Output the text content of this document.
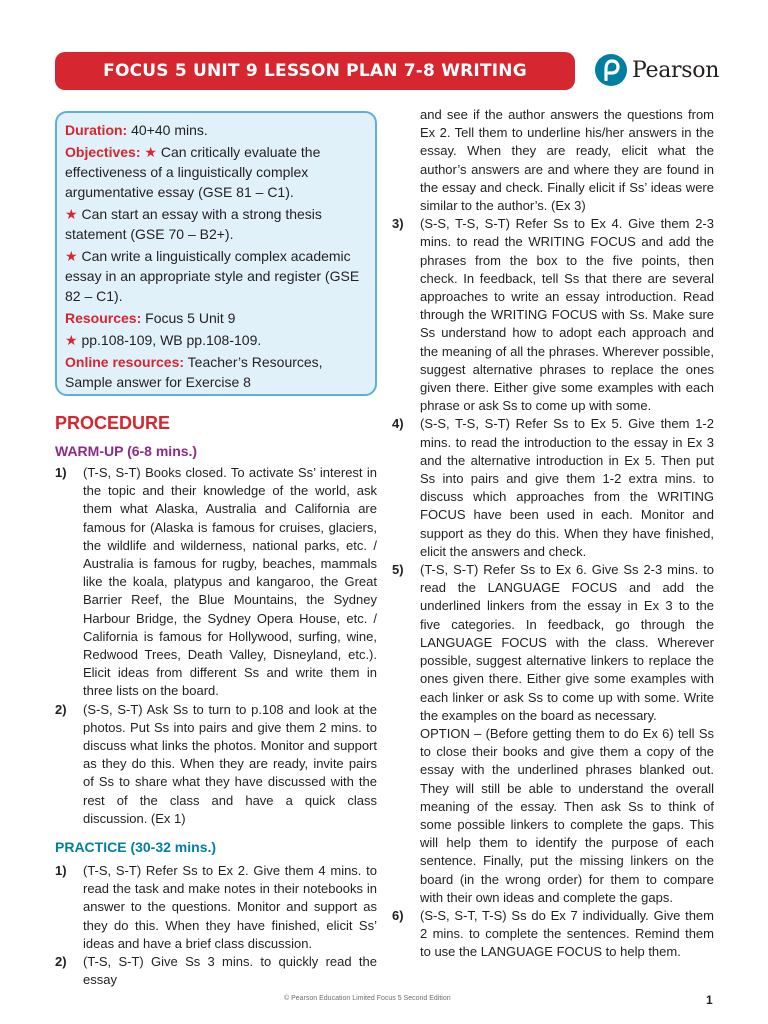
FOCUS 5 UNIT 9 LESSON PLAN 7-8 WRITING	Pearson

Duration: 40+40 mins.

Objectives: ★ Can critically evaluate the effectiveness of a linguistically complex argumentative essay (GSE 81 – C1).

★ Can start an essay with a strong thesis statement (GSE 70 – B2+).

★ Can write a linguistically complex academic essay in an appropriate style and register (GSE 82 – C1).

Resources: Focus 5 Unit 9

★ pp.108-109, WB pp.108-109.

Online resources: Teacher’s Resources, Sample answer for Exercise 8

PROCEDURE
WARM-UP (6-8 mins.)
1) (T-S, S-T) Books closed. To activate Ss’ interest in the topic and their knowledge of the world, ask them what Alaska, Australia and California are famous for (Alaska is famous for cruises, glaciers, the wildlife and wilderness, national parks, etc. / Australia is famous for rugby, beaches, mammals like the koala, platypus and kangaroo, the Great Barrier Reef, the Blue Mountains, the Sydney Harbour Bridge, the Sydney Opera House, etc. / California is famous for Hollywood, surfing, wine, Redwood Trees, Death Valley, Disneyland, etc.). Elicit ideas from different Ss and write them in three lists on the board.
2) (S-S, S-T) Ask Ss to turn to p.108 and look at the photos. Put Ss into pairs and give them 2 mins. to discuss what links the photos. Monitor and support as they do this. When they are ready, invite pairs of Ss to share what they have discussed with the rest of the class and have a quick class discussion. (Ex 1)
PRACTICE (30-32 mins.)
1) (T-S, S-T) Refer Ss to Ex 2. Give them 4 mins. to read the task and make notes in their notebooks in answer to the questions. Monitor and support as they do this. When they have finished, elicit Ss’ ideas and have a brief class discussion.
2) (T-S, S-T) Give Ss 3 mins. to quickly read the essay
and see if the author answers the questions from Ex 2. Tell them to underline his/her answers in the essay. When they are ready, elicit what the author’s answers are and where they are found in the essay and check. Finally elicit if Ss’ ideas were similar to the author’s. (Ex 3)
3) (S-S, T-S, S-T) Refer Ss to Ex 4. Give them 2-3 mins. to read the WRITING FOCUS and add the phrases from the box to the five points, then check. In feedback, tell Ss that there are several approaches to write an essay introduction. Read through the WRITING FOCUS with Ss. Make sure Ss understand how to adopt each approach and the meaning of all the phrases. Wherever possible, suggest alternative phrases to replace the ones given there. Either give some examples with each phrase or ask Ss to come up with some.
4) (S-S, T-S, S-T) Refer Ss to Ex 5. Give them 1-2 mins. to read the introduction to the essay in Ex 3 and the alternative introduction in Ex 5. Then put Ss into pairs and give them 1-2 extra mins. to discuss which approaches from the WRITING FOCUS have been used in each. Monitor and support as they do this. When they have finished, elicit the answers and check.
5) (T-S, S-T) Refer Ss to Ex 6. Give Ss 2-3 mins. to read the LANGUAGE FOCUS and add the underlined linkers from the essay in Ex 3 to the five categories. In feedback, go through the LANGUAGE FOCUS with the class. Wherever possible, suggest alternative linkers to replace the ones given there. Either give some examples with each linker or ask Ss to come up with some. Write the examples on the board as necessary.
OPTION – (Before getting them to do Ex 6) tell Ss to close their books and give them a copy of the essay with the underlined phrases blanked out. They will still be able to understand the overall meaning of the essay. Then ask Ss to think of some possible linkers to complete the gaps. This will help them to identify the purpose of each sentence. Finally, put the missing linkers on the board (in the wrong order) for them to compare with their own ideas and complete the gaps.
6) (S-S, S-T, T-S) Ss do Ex 7 individually. Give them 2 mins. to complete the sentences. Remind them to use the LANGUAGE FOCUS to help them.
© Pearson Education Limited Focus 5 Second Edition	1
